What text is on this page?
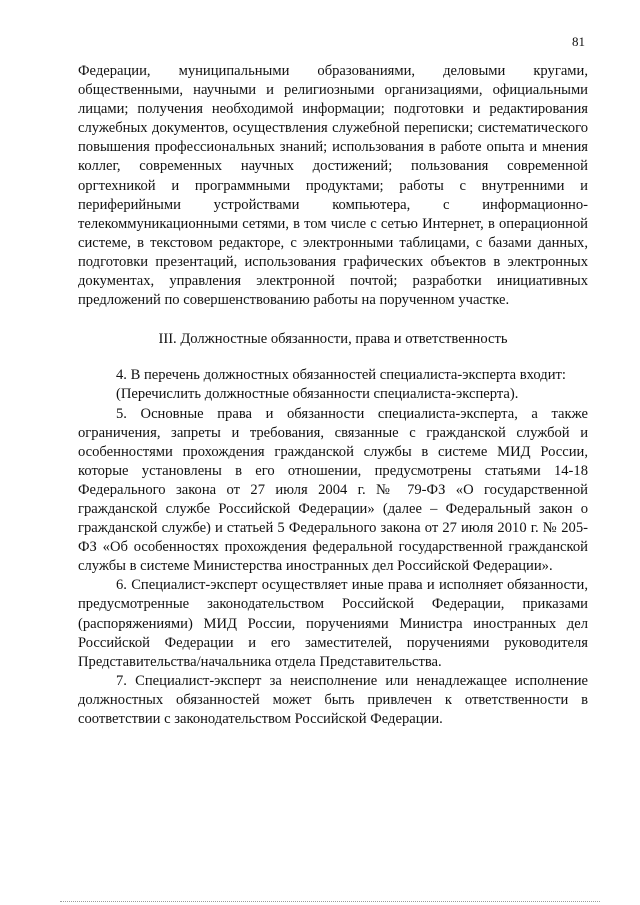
81

Федерации, муниципальными образованиями, деловыми кругами, общественными, научными и религиозными организациями, официальными лицами; получения необходимой информации; подготовки и редактирования служебных документов, осуществления служебной переписки; систематического повышения профессиональных знаний; использования в работе опыта и мнения коллег, современных научных достижений; пользования современной оргтехникой и программными продуктами; работы с внутренними и периферийными устройствами компьютера, с информационно-телекоммуникационными сетями, в том числе с сетью Интернет, в операционной системе, в текстовом редакторе, с электронными таблицами, с базами данных, подготовки презентаций, использования графических объектов в электронных документах, управления электронной почтой; разработки инициативных предложений по совершенствованию работы на порученном участке.

III. Должностные обязанности, права и ответственность

4. В перечень должностных обязанностей специалиста-эксперта входит:

(Перечислить должностные обязанности специалиста-эксперта).

5. Основные права и обязанности специалиста-эксперта, а также ограничения, запреты и требования, связанные с гражданской службой и особенностями прохождения гражданской службы в системе МИД России, которые установлены в его отношении, предусмотрены статьями 14-18 Федерального закона от 27 июля 2004 г. № 79-ФЗ «О государственной гражданской службе Российской Федерации» (далее – Федеральный закон о гражданской службе) и статьей 5 Федерального закона от 27 июля 2010 г. № 205-ФЗ «Об особенностях прохождения федеральной государственной гражданской службы в системе Министерства иностранных дел Российской Федерации».

6. Специалист-эксперт осуществляет иные права и исполняет обязанности, предусмотренные законодательством Российской Федерации, приказами (распоряжениями) МИД России, поручениями Министра иностранных дел Российской Федерации и его заместителей, поручениями руководителя Представительства/начальника отдела Представительства.

7. Специалист-эксперт за неисполнение или ненадлежащее исполнение должностных обязанностей может быть привлечен к ответственности в соответствии с законодательством Российской Федерации.
